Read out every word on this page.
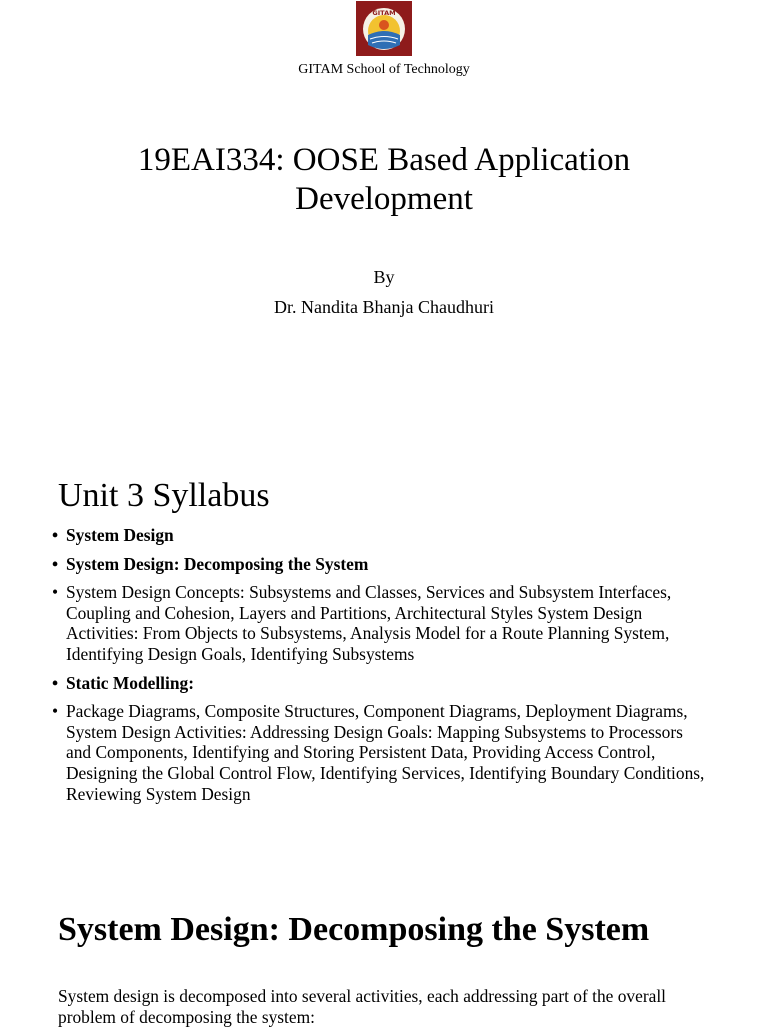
GITAM
GITAM School of Technology
19EAI334: OOSE Based Application Development
By
Dr. Nandita Bhanja Chaudhuri
Unit 3 Syllabus
• System Design
• System Design: Decomposing the System
• System Design Concepts: Subsystems and Classes, Services and Subsystem Interfaces, Coupling and Cohesion, Layers and Partitions, Architectural Styles System Design Activities: From Objects to Subsystems, Analysis Model for a Route Planning System, Identifying Design Goals, Identifying Subsystems
• Static Modelling:
• Package Diagrams, Composite Structures, Component Diagrams, Deployment Diagrams, System Design Activities: Addressing Design Goals: Mapping Subsystems to Processors and Components, Identifying and Storing Persistent Data, Providing Access Control, Designing the Global Control Flow, Identifying Services, Identifying Boundary Conditions, Reviewing System Design
System Design: Decomposing the System

System design is decomposed into several activities, each addressing part of the overall problem of decomposing the system:
